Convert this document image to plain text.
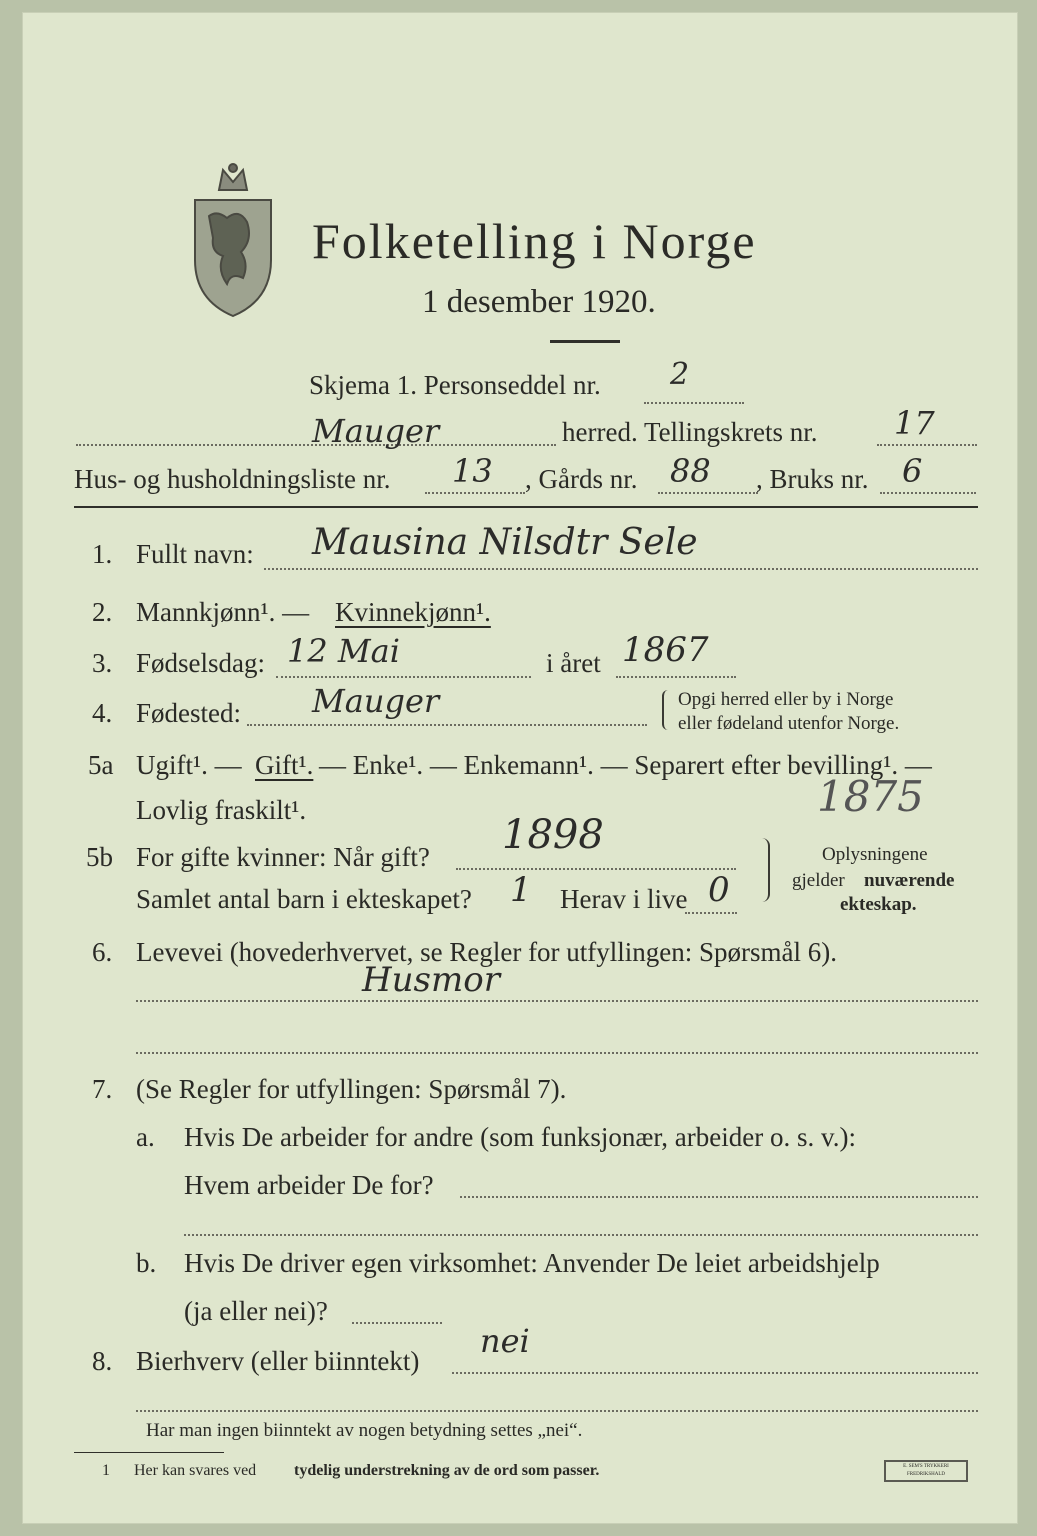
Folketelling i Norge
1 desember 1920.
Skjema 1. Personseddel nr. 2
Mauger	herred. Tellingskrets nr. 17
Hus- og husholdningsliste nr. 13 , Gårds nr. 88 , Bruks nr. 6
1. Fullt navn: Mausina Nilsdtr Sele
2. Mannkjønn¹. — Kvinnekjønn¹.
3. Fødselsdag: 12 Mai	i året 1867
4. Fødested: Mauger	Opgi herred eller by i Norge
eller fødeland utenfor Norge.
5a Ugift¹. — Gift¹. — Enke¹. — Enkemann¹. — Separert efter bevilling¹. —
Lovlig fraskilt¹.	1875
5b For gifte kvinner: Når gift? 1898
Samlet antal barn i ekteskapet? 1 Herav i live 0
Oplysningene
gjelder nuværende
ekteskap.
6. Levevei (hovederhvervet, se Regler for utfyllingen: Spørsmål 6).
Husmor
7. (Se Regler for utfyllingen: Spørsmål 7).
a. Hvis De arbeider for andre (som funksjonær, arbeider o. s. v.):
Hvem arbeider De for?
b. Hvis De driver egen virksomhet: Anvender De leiet arbeidshjelp
(ja eller nei)?
8. Bierhverv (eller biinntekt)
nei
Har man ingen biinntekt av nogen betydning settes „nei“.
1 Her kan svares ved tydelig understrekning av de ord som passer.	E. SEM'S TRYKKERI FREDRIKSHALD
